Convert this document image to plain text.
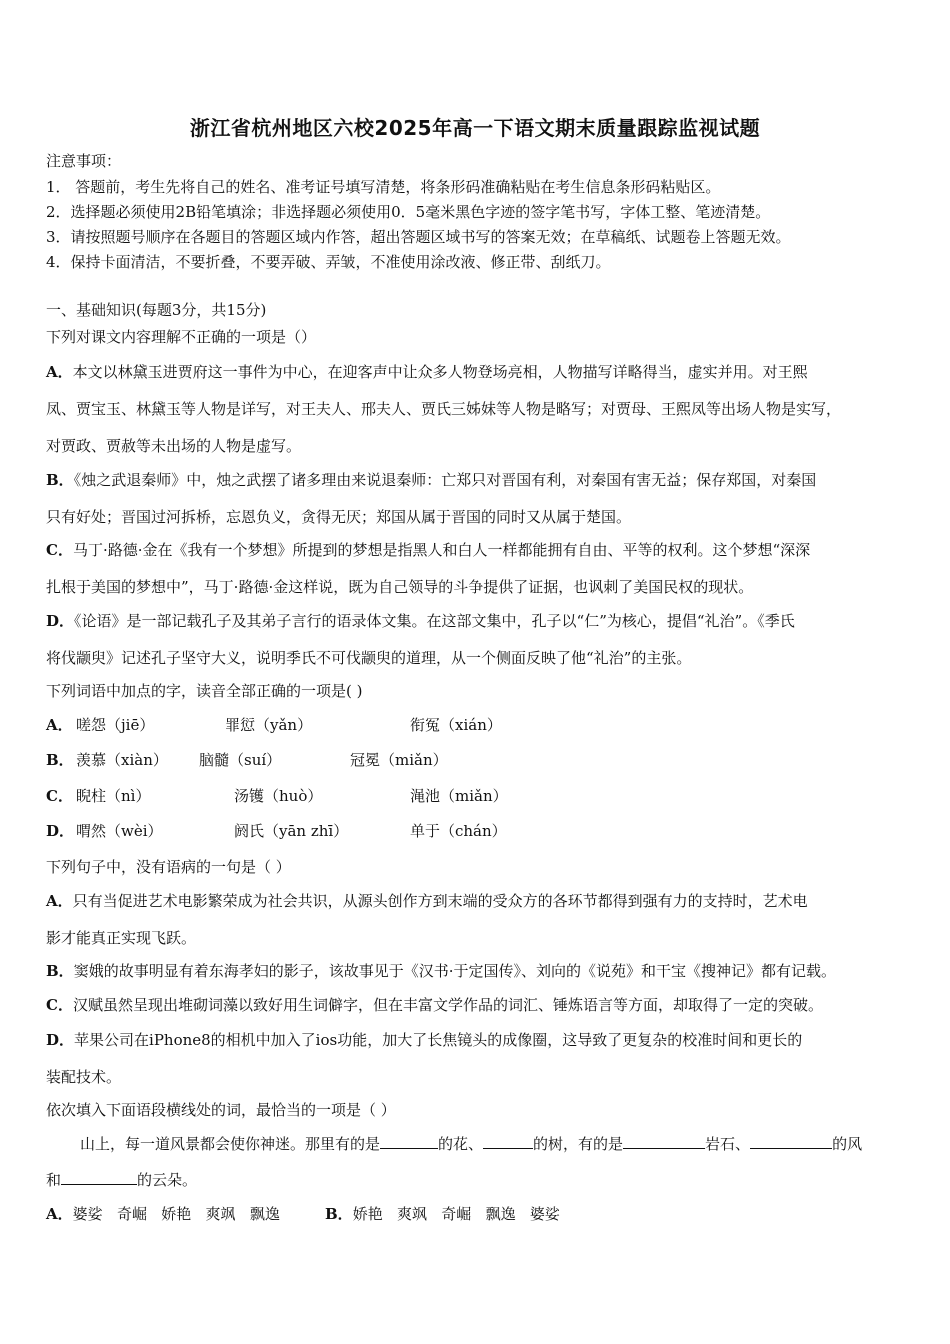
浙江省杭州地区六校2025年高一下语文期末质量跟踪监视试题
注意事项：
1． 答题前，考生先将自己的姓名、准考证号填写清楚，将条形码准确粘贴在考生信息条形码粘贴区。
2．选择题必须使用2B铅笔填涂；非选择题必须使用0．5毫米黑色字迹的签字笔书写，字体工整、笔迹清楚。
3．请按照题号顺序在各题目的答题区域内作答，超出答题区域书写的答案无效；在草稿纸、试题卷上答题无效。
4．保持卡面清洁，不要折叠，不要弄破、弄皱，不准使用涂改液、修正带、刮纸刀。
一、基础知识(每题3分，共15分)
下列对课文内容理解不正确的一项是（）
A．本文以林黛玉进贾府这一事件为中心，在迎客声中让众多人物登场亮相，人物描写详略得当，虚实并用。对王熙
凤、贾宝玉、林黛玉等人物是详写，对王夫人、邢夫人、贾氏三姊妹等人物是略写；对贾母、王熙凤等出场人物是实写，
对贾政、贾赦等未出场的人物是虚写。
B．《烛之武退秦师》中，烛之武摆了诸多理由来说退秦师：亡郑只对晋国有利，对秦国有害无益；保存郑国，对秦国
只有好处；晋国过河拆桥，忘恩负义，贪得无厌；郑国从属于晋国的同时又从属于楚国。
C．马丁·路德·金在《我有一个梦想》所提到的梦想是指黑人和白人一样都能拥有自由、平等的权利。这个梦想“深深
扎根于美国的梦想中”，马丁·路德·金这样说，既为自己领导的斗争提供了证据，也讽刺了美国民权的现状。
D．《论语》是一部记载孔子及其弟子言行的语录体文集。在这部文集中，孔子以“仁”为核心，提倡“礼治”。《季氏
将伐颛臾》记述孔子坚守大义，说明季氏不可伐颛臾的道理，从一个侧面反映了他“礼治”的主张。
下列词语中加点的字，读音全部正确的一项是( )
A． 嗟怨（jiē）	罪愆（yǎn）	衔冤（xián）
B． 羡慕（xiàn） 脑髓（suí）	冠冕（miǎn）
C． 睨柱（nì）	汤镬（huò）	渑池（miǎn）
D． 喟然（wèi）	阏氏（yān zhī）	单于（chán）
下列句子中，没有语病的一句是（ ）
A．只有当促进艺术电影繁荣成为社会共识，从源头创作方到末端的受众方的各环节都得到强有力的支持时，艺术电
影才能真正实现飞跃。
B．窦娥的故事明显有着东海孝妇的影子，该故事见于《汉书·于定国传》、刘向的《说苑》和干宝《搜神记》都有记载。
C．汉赋虽然呈现出堆砌词藻以致好用生词僻字，但在丰富文学作品的词汇、锤炼语言等方面，却取得了一定的突破。
D．苹果公司在iPhone8的相机中加入了ios功能，加大了长焦镜头的成像圈，这导致了更复杂的校准时间和更长的
装配技术。
依次填入下面语段横线处的词，最恰当的一项是（ ）
山上，每一道风景都会使你神迷。那里有的是	的花、	的树，有的是	岩石、	的风
和	的云朵。
A．婆娑   奇崛   娇艳   爽飒   飘逸	B．娇艳   爽飒   奇崛   飘逸   婆娑
